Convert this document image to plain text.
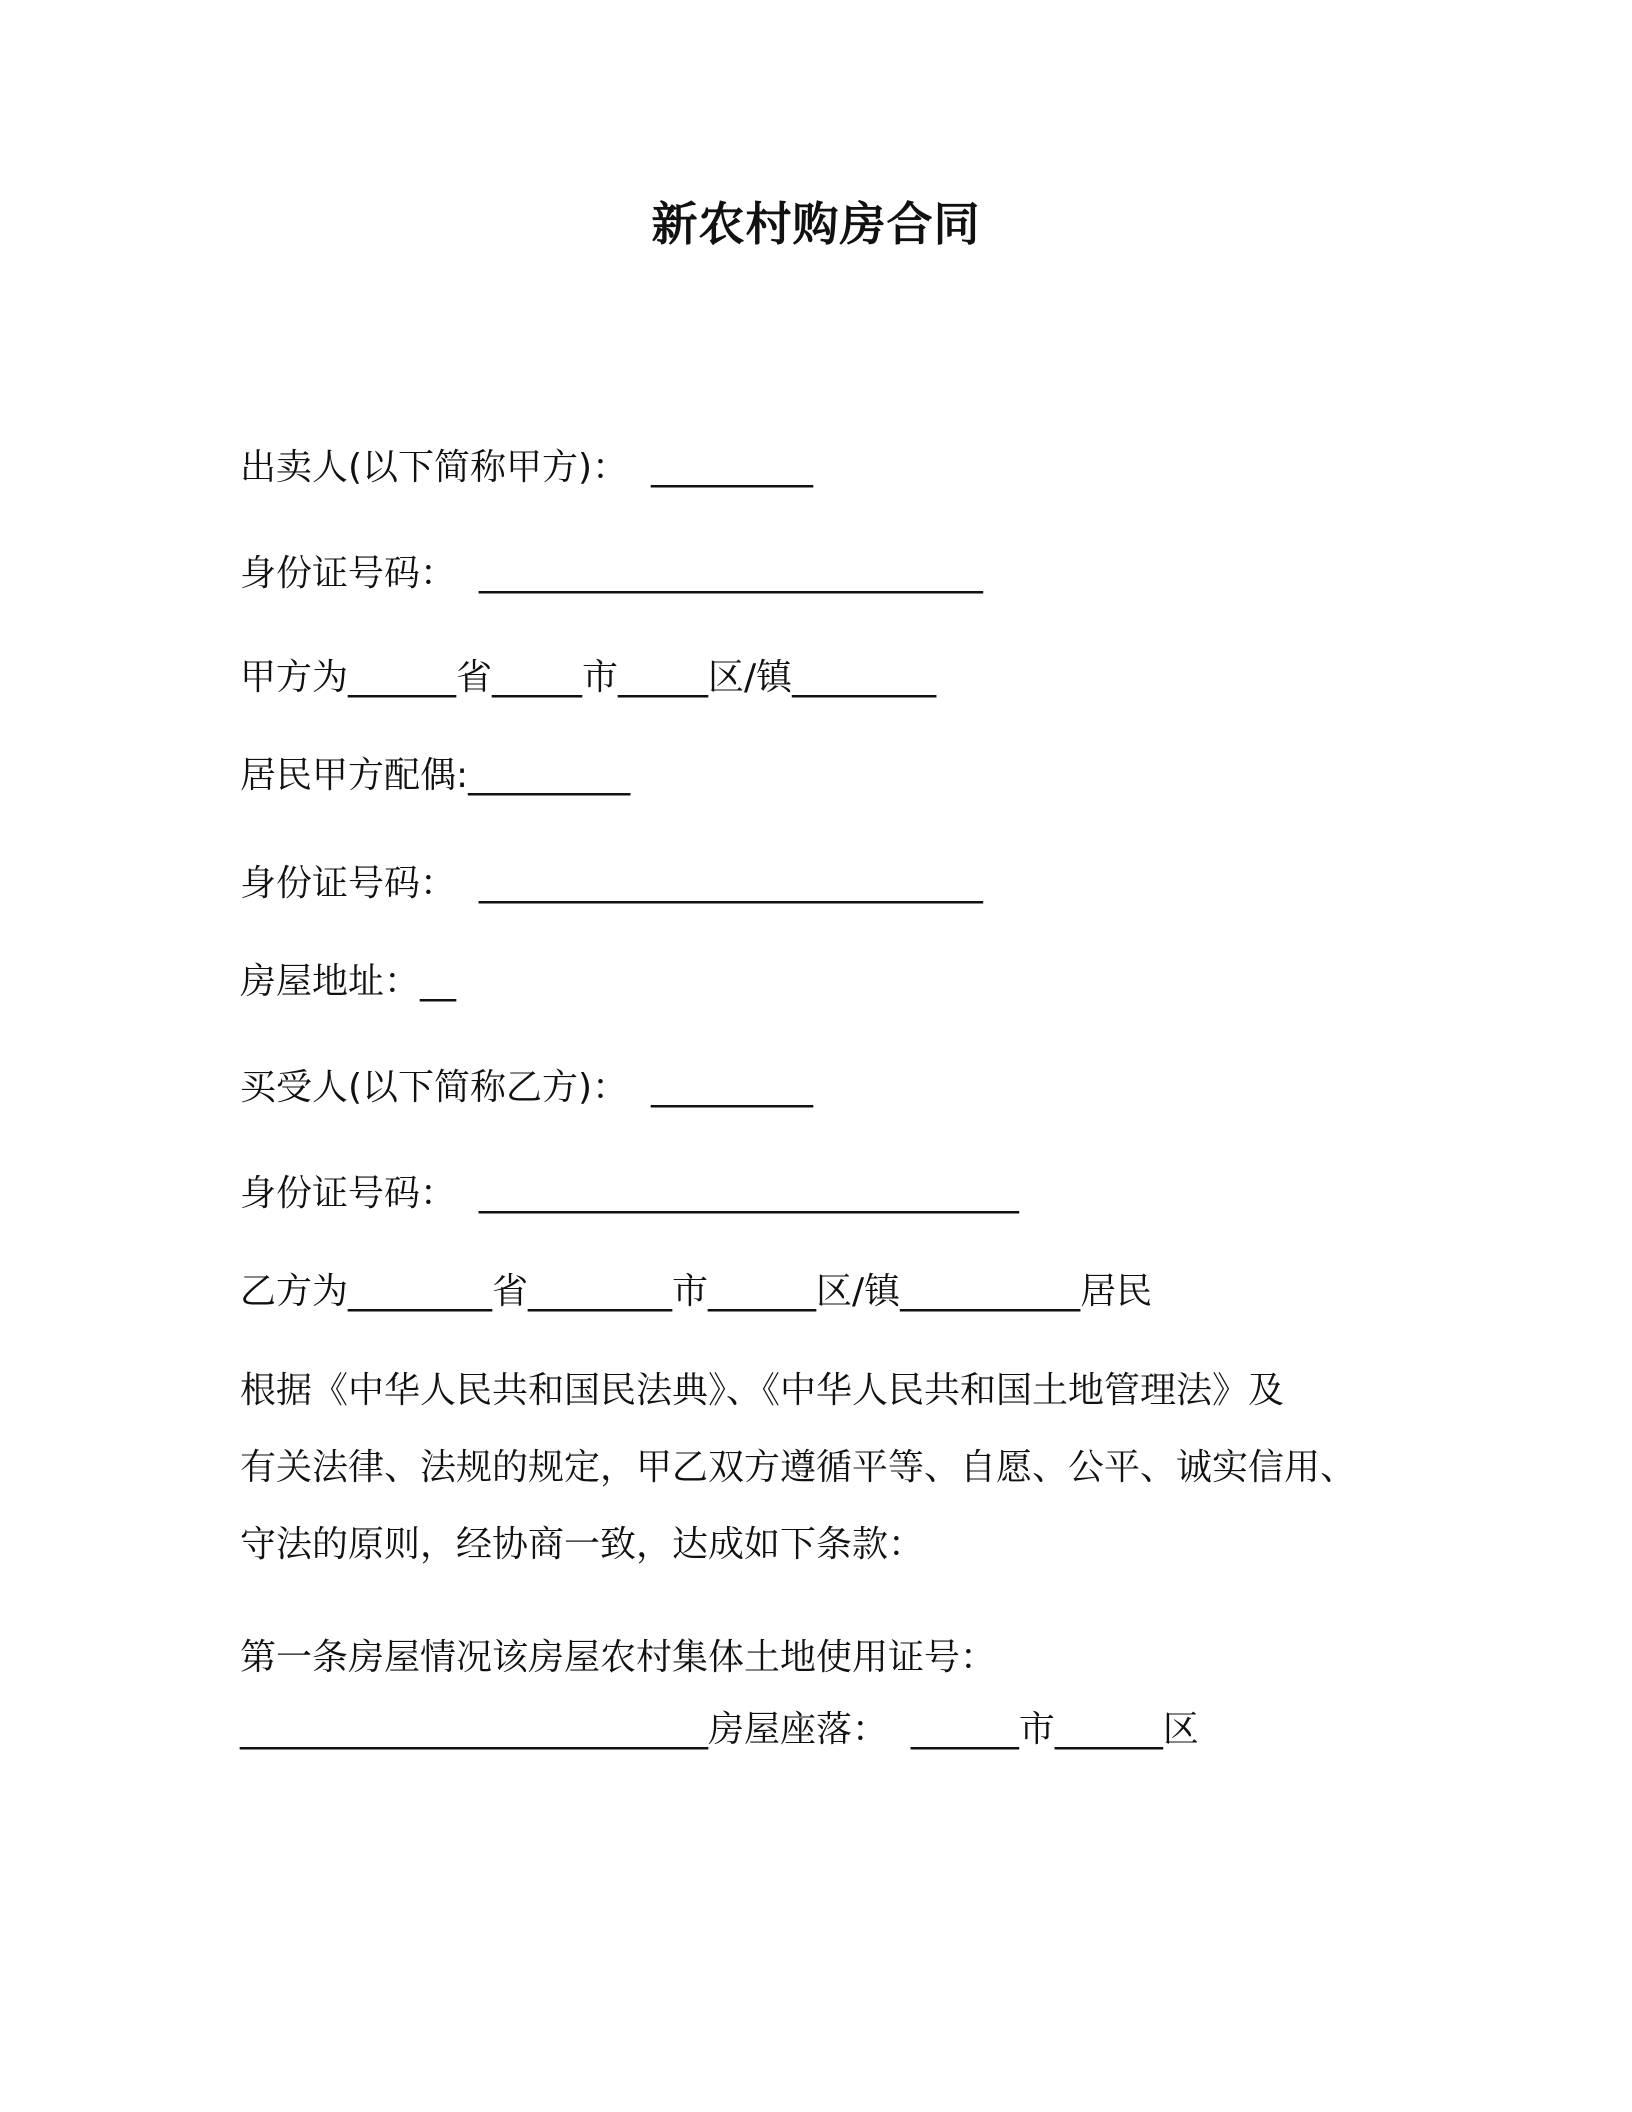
新农村购房合同

出卖人(以下简称甲方)：  _________

身份证号码：  ____________________________

甲方为______省_____市_____区/镇________

居民甲方配偶:_________

身份证号码：  ____________________________

房屋地址：__

买受人(以下简称乙方)：  _________

身份证号码：  ______________________________

乙方为________省________市______区/镇__________居民

根据《中华人民共和国民法典》、《中华人民共和国土地管理法》及
有关法律、法规的规定，甲乙双方遵循平等、自愿、公平、诚实信用、
守法的原则，经协商一致，达成如下条款：
第一条房屋情况该房屋农村集体土地使用证号：
__________________________房屋座落：  ______市______区
